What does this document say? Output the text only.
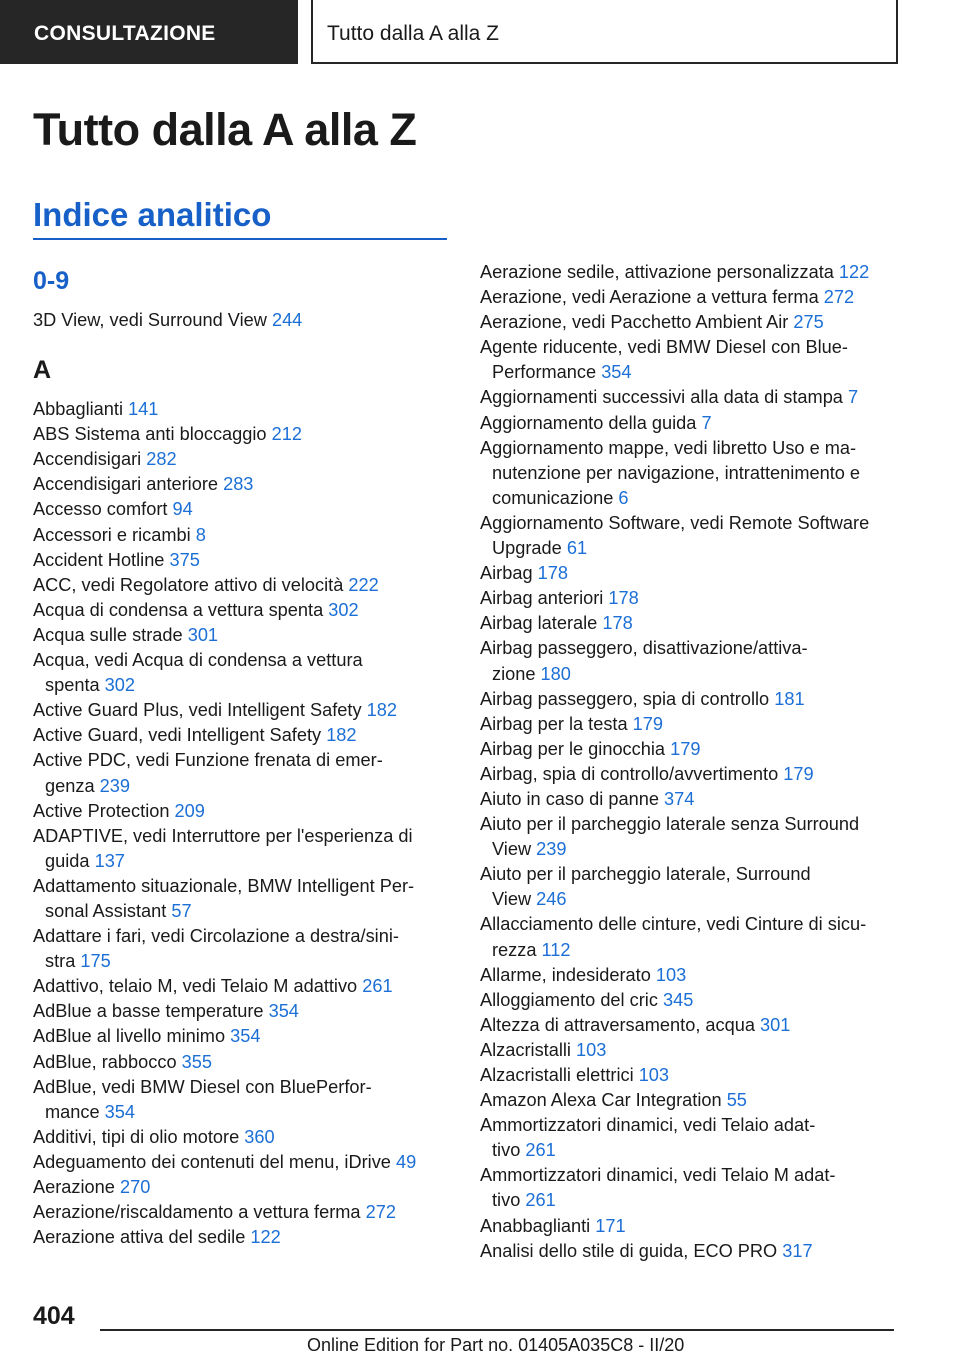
CONSULTAZIONE	Tutto dalla A alla Z
Tutto dalla A alla Z
Indice analitico
0-9
3D View, vedi Surround View 244
A
Abbaglianti 141
ABS Sistema anti bloccaggio 212
Accendisigari 282
Accendisigari anteriore 283
Accesso comfort 94
Accessori e ricambi 8
Accident Hotline 375
ACC, vedi Regolatore attivo di velocità 222
Acqua di condensa a vettura spenta 302
Acqua sulle strade 301
Acqua, vedi Acqua di condensa a vettura
spenta 302
Active Guard Plus, vedi Intelligent Safety 182
Active Guard, vedi Intelligent Safety 182
Active PDC, vedi Funzione frenata di emer-
genza 239
Active Protection 209
ADAPTIVE, vedi Interruttore per l'esperienza di
guida 137
Adattamento situazionale, BMW Intelligent Per-
sonal Assistant 57
Adattare i fari, vedi Circolazione a destra/sini-
stra 175
Adattivo, telaio M, vedi Telaio M adattivo 261
AdBlue a basse temperature 354
AdBlue al livello minimo 354
AdBlue, rabbocco 355
AdBlue, vedi BMW Diesel con BluePerfor-
mance 354
Additivi, tipi di olio motore 360
Adeguamento dei contenuti del menu, iDrive 49
Aerazione 270
Aerazione/riscaldamento a vettura ferma 272
Aerazione attiva del sedile 122
Aerazione sedile, attivazione personalizzata 122
Aerazione, vedi Aerazione a vettura ferma 272
Aerazione, vedi Pacchetto Ambient Air 275
Agente riducente, vedi BMW Diesel con Blue-
Performance 354
Aggiornamenti successivi alla data di stampa 7
Aggiornamento della guida 7
Aggiornamento mappe, vedi libretto Uso e ma-
nutenzione per navigazione, intrattenimento e
comunicazione 6
Aggiornamento Software, vedi Remote Software
Upgrade 61
Airbag 178
Airbag anteriori 178
Airbag laterale 178
Airbag passeggero, disattivazione/attiva-
zione 180
Airbag passeggero, spia di controllo 181
Airbag per la testa 179
Airbag per le ginocchia 179
Airbag, spia di controllo/avvertimento 179
Aiuto in caso di panne 374
Aiuto per il parcheggio laterale senza Surround
View 239
Aiuto per il parcheggio laterale, Surround
View 246
Allacciamento delle cinture, vedi Cinture di sicu-
rezza 112
Allarme, indesiderato 103
Alloggiamento del cric 345
Altezza di attraversamento, acqua 301
Alzacristalli 103
Alzacristalli elettrici 103
Amazon Alexa Car Integration 55
Ammortizzatori dinamici, vedi Telaio adat-
tivo 261
Ammortizzatori dinamici, vedi Telaio M adat-
tivo 261
Anabbaglianti 171
Analisi dello stile di guida, ECO PRO 317
404
Online Edition for Part no. 01405A035C8 - II/20
